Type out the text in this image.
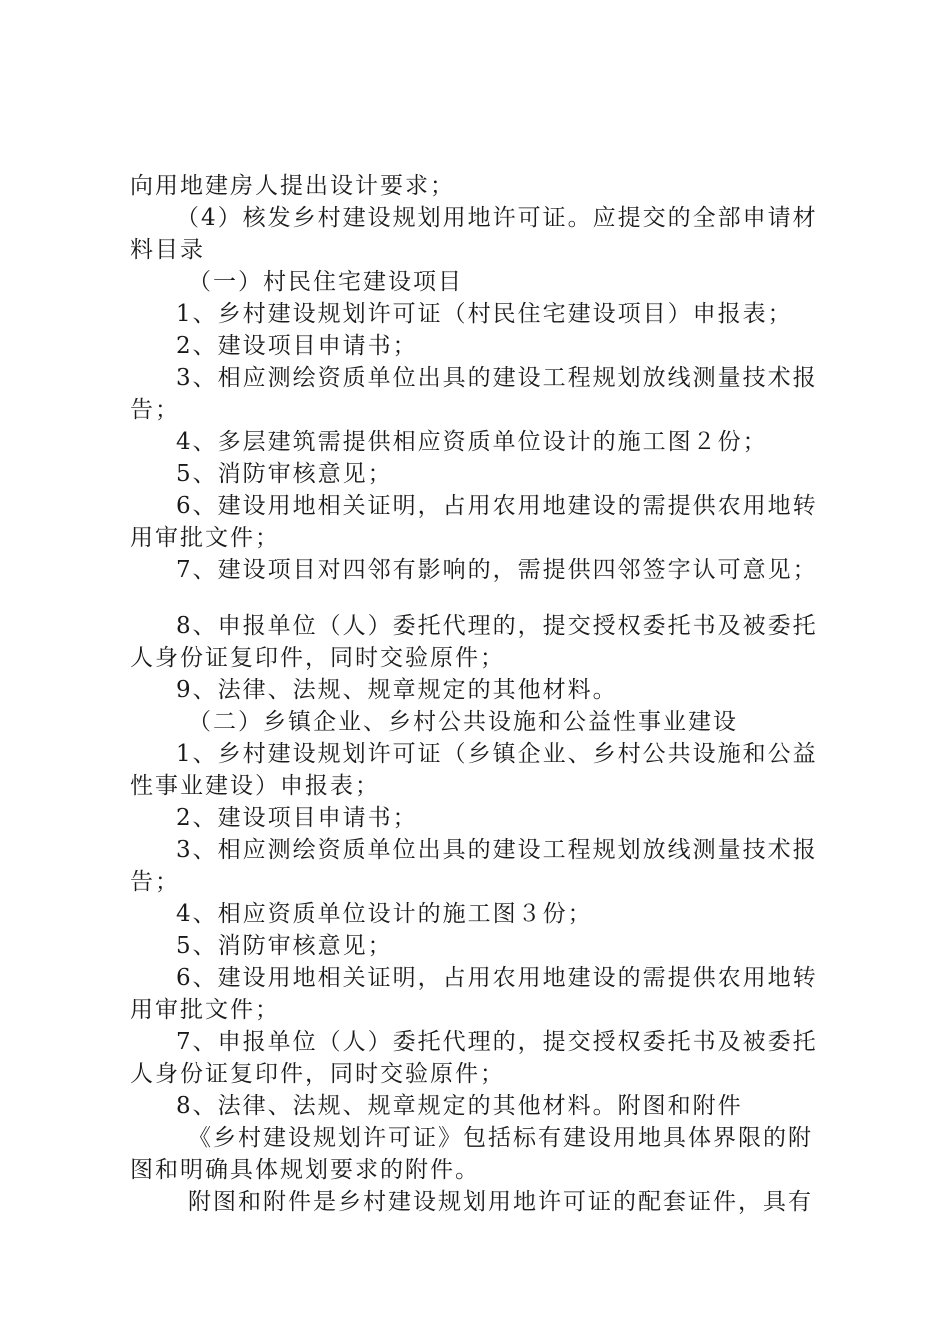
向用地建房人提出设计要求；

（4）核发乡村建设规划用地许可证。应提交的全部申请材料目录

（一）村民住宅建设项目

1、乡村建设规划许可证（村民住宅建设项目）申报表；

2、建设项目申请书；

3、相应测绘资质单位出具的建设工程规划放线测量技术报告；

4、多层建筑需提供相应资质单位设计的施工图２份；

5、消防审核意见；

6、建设用地相关证明，占用农用地建设的需提供农用地转用审批文件；

7、建设项目对四邻有影响的，需提供四邻签字认可意见；

8、申报单位（人）委托代理的，提交授权委托书及被委托人身份证复印件，同时交验原件；

9、法律、法规、规章规定的其他材料。

（二）乡镇企业、乡村公共设施和公益性事业建设

1、乡村建设规划许可证（乡镇企业、乡村公共设施和公益性事业建设）申报表；

2、建设项目申请书；

3、相应测绘资质单位出具的建设工程规划放线测量技术报告；

4、相应资质单位设计的施工图３份；

5、消防审核意见；

6、建设用地相关证明，占用农用地建设的需提供农用地转用审批文件；

7、申报单位（人）委托代理的，提交授权委托书及被委托人身份证复印件，同时交验原件；

8、法律、法规、规章规定的其他材料。附图和附件

《乡村建设规划许可证》包括标有建设用地具体界限的附图和明确具体规划要求的附件。

附图和附件是乡村建设规划用地许可证的配套证件，具有
